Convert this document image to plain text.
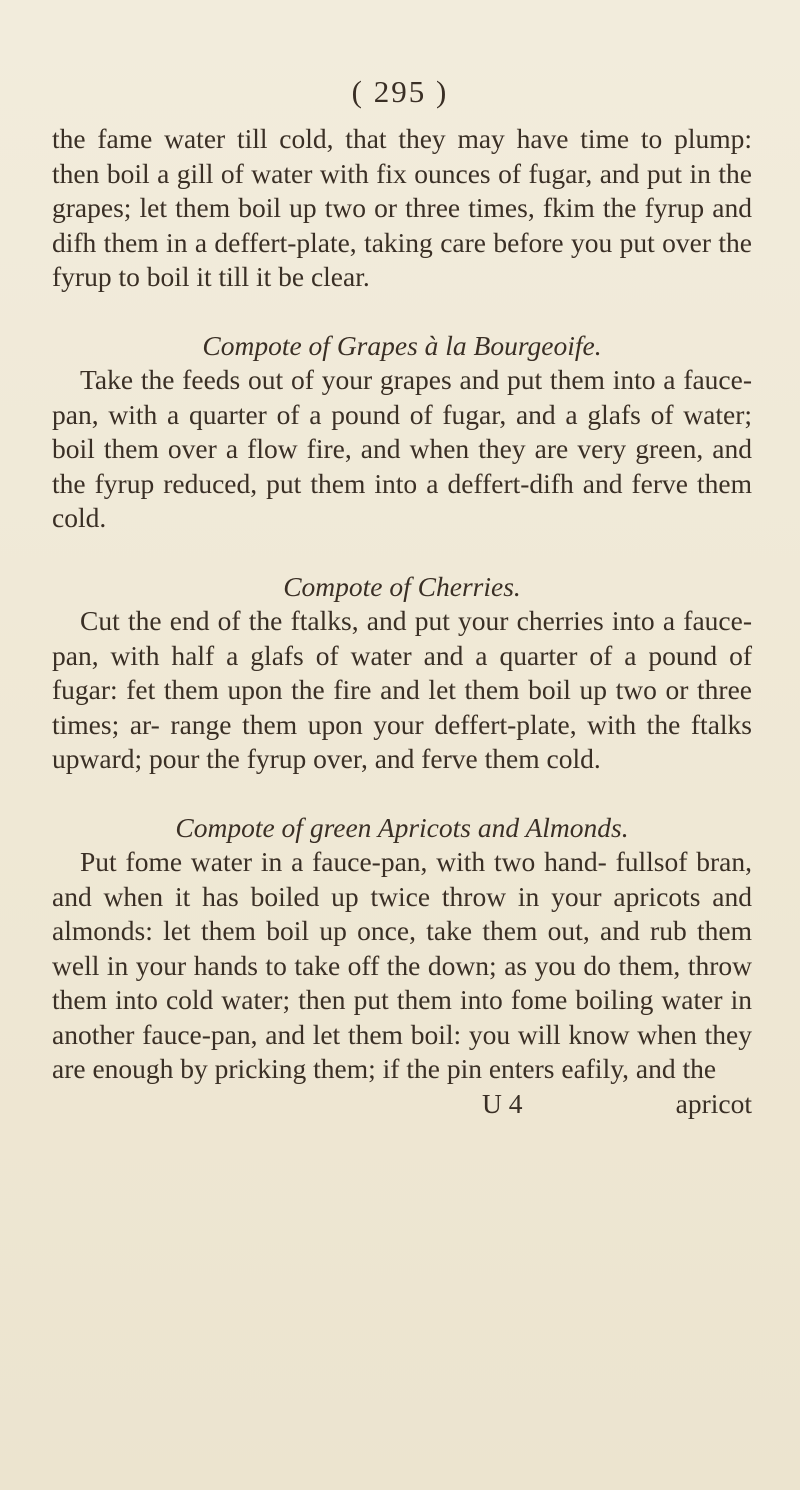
( 295 )

the fame water till cold, that they may have time to plump: then boil a gill of water with fix ounces of fugar, and put in the grapes; let them boil up two or three times, fkim the fyrup and difh them in a deffert-plate, taking care before you put over the fyrup to boil it till it be clear.

Compote of Grapes à la Bourgeoife.

Take the feeds out of your grapes and put them into a fauce-pan, with a quarter of a pound of fugar, and a glafs of water; boil them over a flow fire, and when they are very green, and the fyrup reduced, put them into a deffert-difh and ferve them cold.

Compote of Cherries.

Cut the end of the ftalks, and put your cherries into a fauce-pan, with half a glafs of water and a quarter of a pound of fugar: fet them upon the fire and let them boil up two or three times; ar- range them upon your deffert-plate, with the ftalks upward; pour the fyrup over, and ferve them cold.

Compote of green Apricots and Almonds.

Put fome water in a fauce-pan, with two hand- fullsof bran, and when it has boiled up twice throw in your apricots and almonds: let them boil up once, take them out, and rub them well in your hands to take off the down; as you do them, throw them into cold water; then put them into fome boiling water in another fauce-pan, and let them boil: you will know when they are enough by pricking them; if the pin enters eafily, and the

U 4	apricot
